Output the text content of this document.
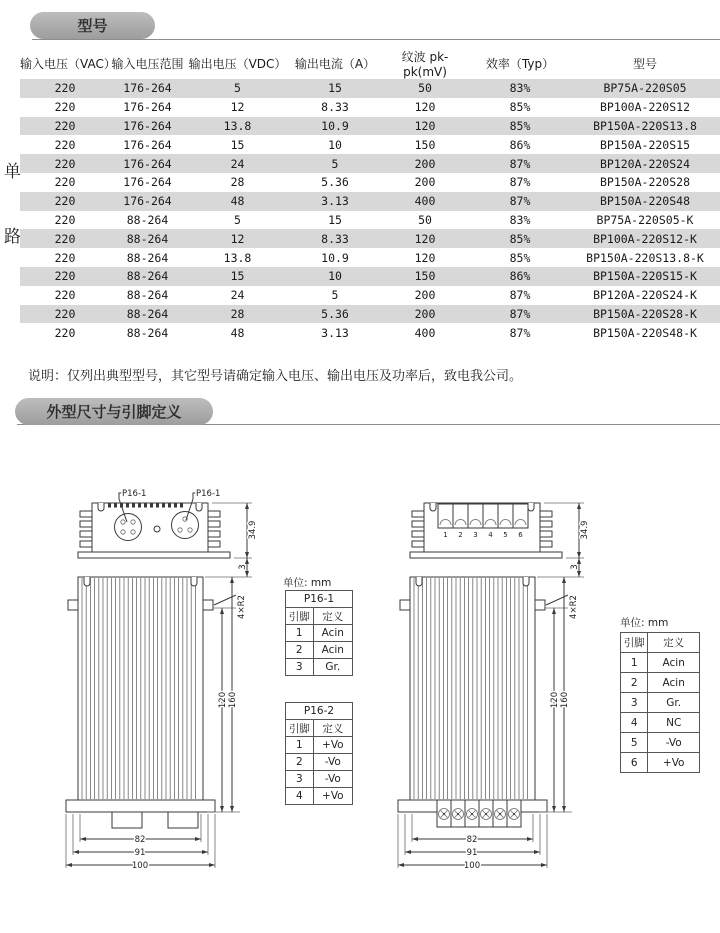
型号
单路
输入电压（VAC）	输入电压范围	输出电压（VDC）	输出电流（A）	纹波 pk-pk(mV)	效率（Typ）	型号
220	176-264	5	15	50	83%	BP75A-220S05
220	176-264	12	8.33	120	85%	BP100A-220S12
220	176-264	13.8	10.9	120	85%	BP150A-220S13.8
220	176-264	15	10	150	86%	BP150A-220S15
220	176-264	24	5	200	87%	BP120A-220S24
220	176-264	28	5.36	200	87%	BP150A-220S28
220	176-264	48	3.13	400	87%	BP150A-220S48
220	88-264	5	15	50	83%	BP75A-220S05-K
220	88-264	12	8.33	120	85%	BP100A-220S12-K
220	88-264	13.8	10.9	120	85%	BP150A-220S13.8-K
220	88-264	15	10	150	86%	BP150A-220S15-K
220	88-264	24	5	200	87%	BP120A-220S24-K
220	88-264	28	5.36	200	87%	BP150A-220S28-K
220	88-264	48	3.13	400	87%	BP150A-220S48-K
说明：仅列出典型型号，其它型号请确定输入电压、输出电压及功率后，致电我公司。
外型尺寸与引脚定义
P16-1	P16-1
34.9
3
82
91
100
120 160
4×R2
1 2 3 4 5 6	34.9
3
82
91
100
120 160
4×R2
单位: mm
P16-1	
引脚	定义
1	Acin
2	Acin
3	Gr.
P16-2	
引脚	定义
1	+Vo
2	-Vo
3	-Vo
4	+Vo
单位: mm
引脚	定义
1	Acin
2	Acin
3	Gr.
4	NC
5	-Vo
6	+Vo
